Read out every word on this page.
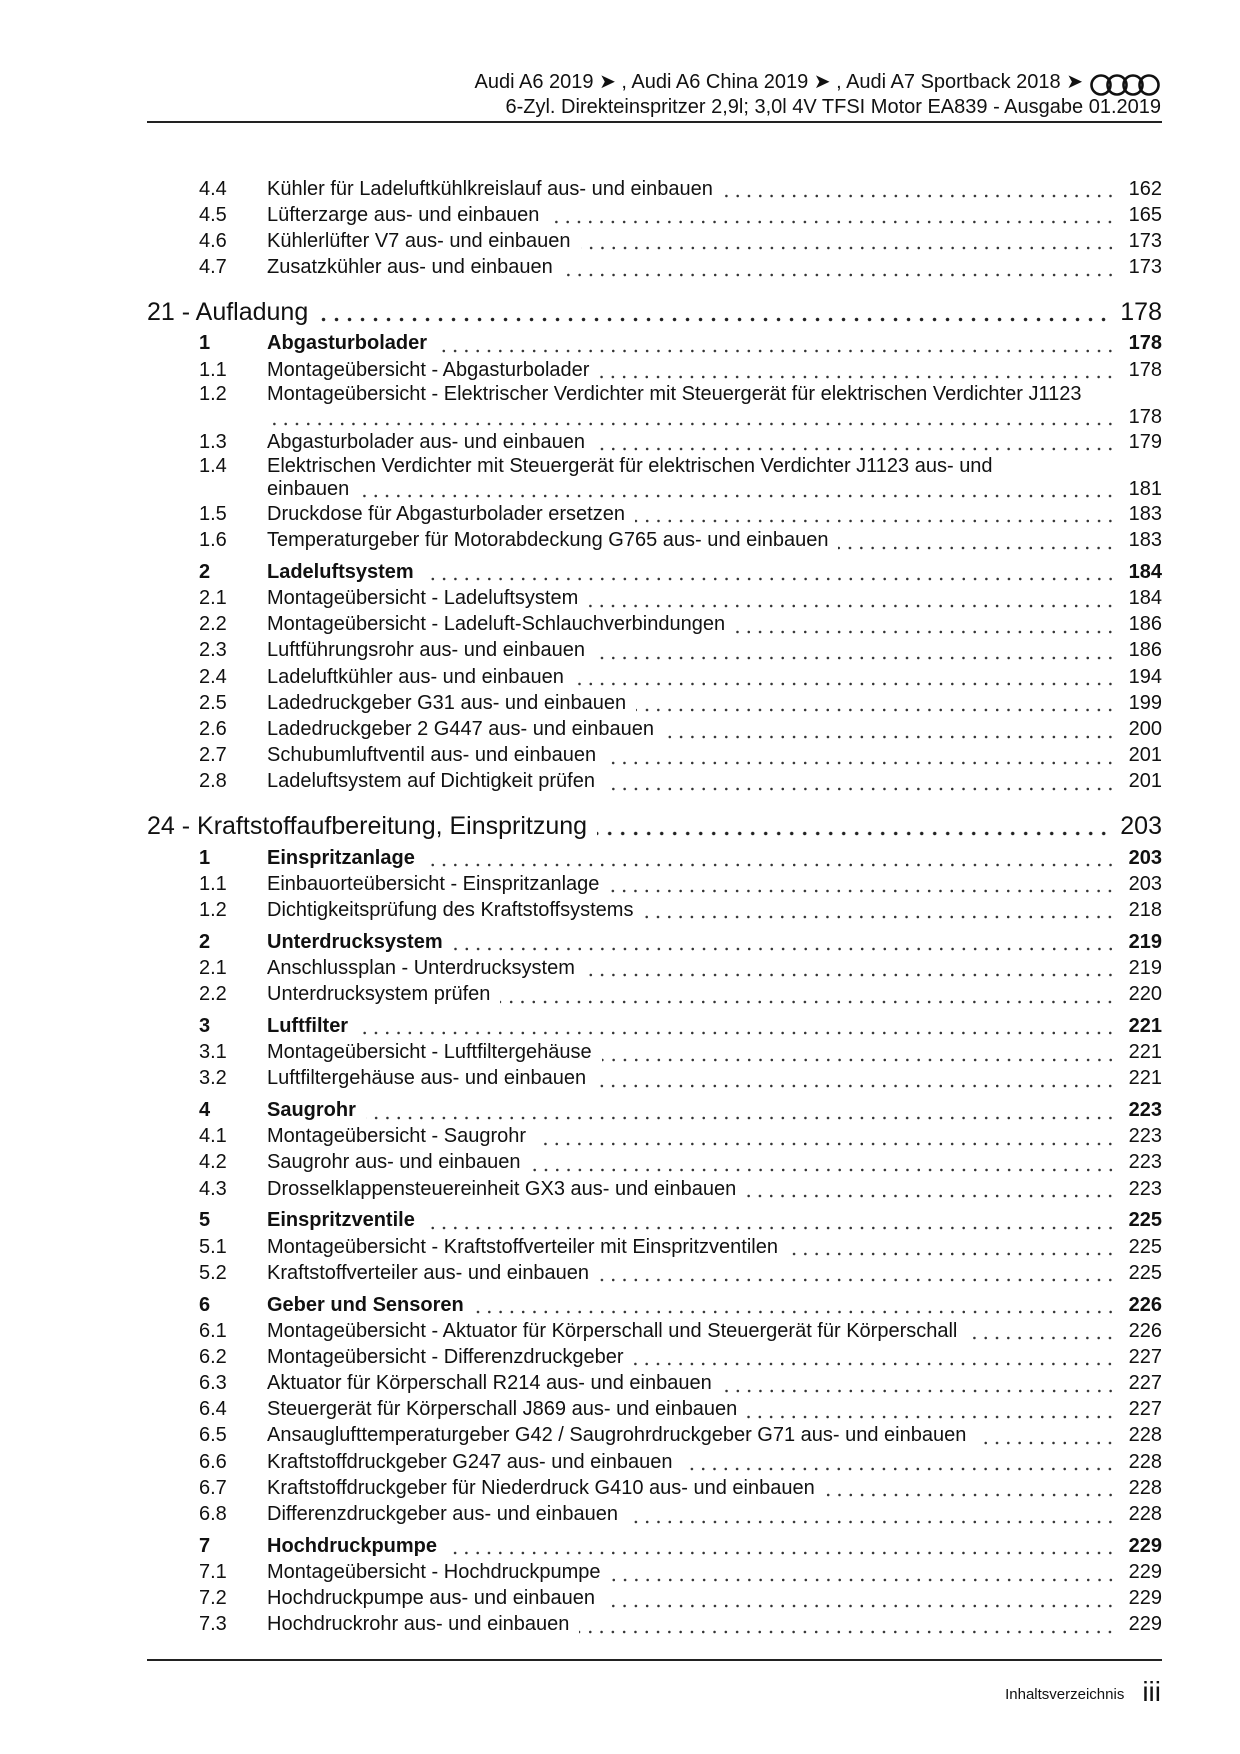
Audi A6 2019 ➤ , Audi A6 China 2019 ➤ , Audi A7 Sportback 2018 ➤
6-Zyl. Direkteinspritzer 2,9l; 3,0l 4V TFSI Motor EA839 - Ausgabe 01.2019
4.4	Kühler für Ladeluftkühlkreislauf aus- und einbauen	162
4.5	Lüfterzarge aus- und einbauen	165
4.6	Kühlerlüfter V7 aus- und einbauen	173
4.7	Zusatzkühler aus- und einbauen	173
21 - Aufladung	178
1	Abgasturbolader	178
1.1	Montageübersicht - Abgasturbolader	178
1.2	Montageübersicht - Elektrischer Verdichter mit Steuergerät für elektrischen Verdichter J1123
178
1.3	Abgasturbolader aus- und einbauen	179
1.4	Elektrischen Verdichter mit Steuergerät für elektrischen Verdichter J1123 aus- und
einbauen	181
1.5	Druckdose für Abgasturbolader ersetzen	183
1.6	Temperaturgeber für Motorabdeckung G765 aus- und einbauen	183
2	Ladeluftsystem	184
2.1	Montageübersicht - Ladeluftsystem	184
2.2	Montageübersicht - Ladeluft-Schlauchverbindungen	186
2.3	Luftführungsrohr aus- und einbauen	186
2.4	Ladeluftkühler aus- und einbauen	194
2.5	Ladedruckgeber G31 aus- und einbauen	199
2.6	Ladedruckgeber 2 G447 aus- und einbauen	200
2.7	Schubumluftventil aus- und einbauen	201
2.8	Ladeluftsystem auf Dichtigkeit prüfen	201
24 - Kraftstoffaufbereitung, Einspritzung	203
1	Einspritzanlage	203
1.1	Einbauorteübersicht - Einspritzanlage	203
1.2	Dichtigkeitsprüfung des Kraftstoffsystems	218
2	Unterdrucksystem	219
2.1	Anschlussplan - Unterdrucksystem	219
2.2	Unterdrucksystem prüfen	220
3	Luftfilter	221
3.1	Montageübersicht - Luftfiltergehäuse	221
3.2	Luftfiltergehäuse aus- und einbauen	221
4	Saugrohr	223
4.1	Montageübersicht - Saugrohr	223
4.2	Saugrohr aus- und einbauen	223
4.3	Drosselklappensteuereinheit GX3 aus- und einbauen	223
5	Einspritzventile	225
5.1	Montageübersicht - Kraftstoffverteiler mit Einspritzventilen	225
5.2	Kraftstoffverteiler aus- und einbauen	225
6	Geber und Sensoren	226
6.1	Montageübersicht - Aktuator für Körperschall und Steuergerät für Körperschall	226
6.2	Montageübersicht - Differenzdruckgeber	227
6.3	Aktuator für Körperschall R214 aus- und einbauen	227
6.4	Steuergerät für Körperschall J869 aus- und einbauen	227
6.5	Ansauglufttemperaturgeber G42 / Saugrohrdruckgeber G71 aus- und einbauen	228
6.6	Kraftstoffdruckgeber G247 aus- und einbauen	228
6.7	Kraftstoffdruckgeber für Niederdruck G410 aus- und einbauen	228
6.8	Differenzdruckgeber aus- und einbauen	228
7	Hochdruckpumpe	229
7.1	Montageübersicht - Hochdruckpumpe	229
7.2	Hochdruckpumpe aus- und einbauen	229
7.3	Hochdruckrohr aus- und einbauen	229
Inhaltsverzeichnis iii
